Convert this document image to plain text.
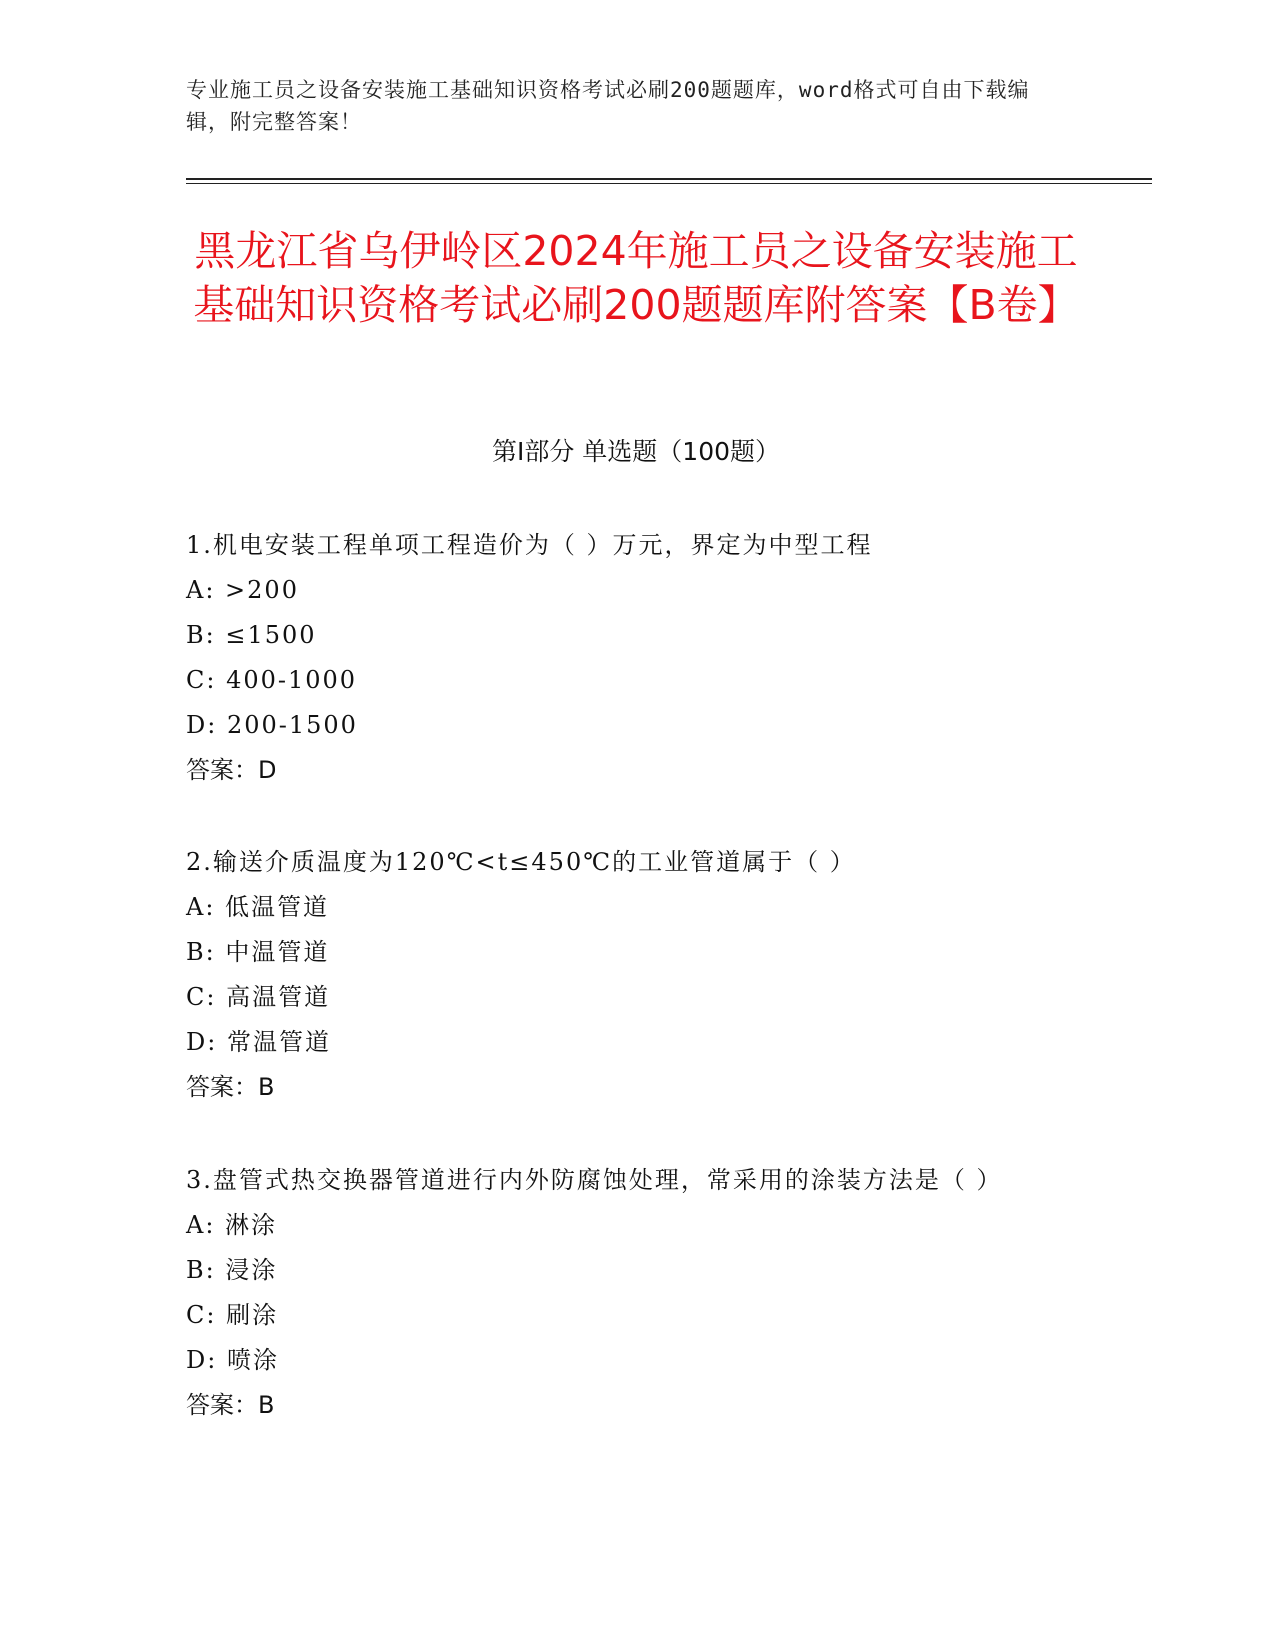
专业施工员之设备安装施工基础知识资格考试必刷200题题库，word格式可自由下载编辑，附完整答案！
黑龙江省乌伊岭区2024年施工员之设备安装施工基础知识资格考试必刷200题题库附答案【B卷】
第Ⅰ部分 单选题（100题）

1.机电安装工程单项工程造价为（ ）万元，界定为中型工程

A: >200

B: ≤1500

C: 400-1000

D: 200-1500

答案：D

2.输送介质温度为120℃<t≤450℃的工业管道属于（ ）

A: 低温管道

B: 中温管道

C: 高温管道

D: 常温管道

答案：B

3.盘管式热交换器管道进行内外防腐蚀处理，常采用的涂装方法是（ ）

A: 淋涂

B: 浸涂

C: 刷涂

D: 喷涂

答案：B
